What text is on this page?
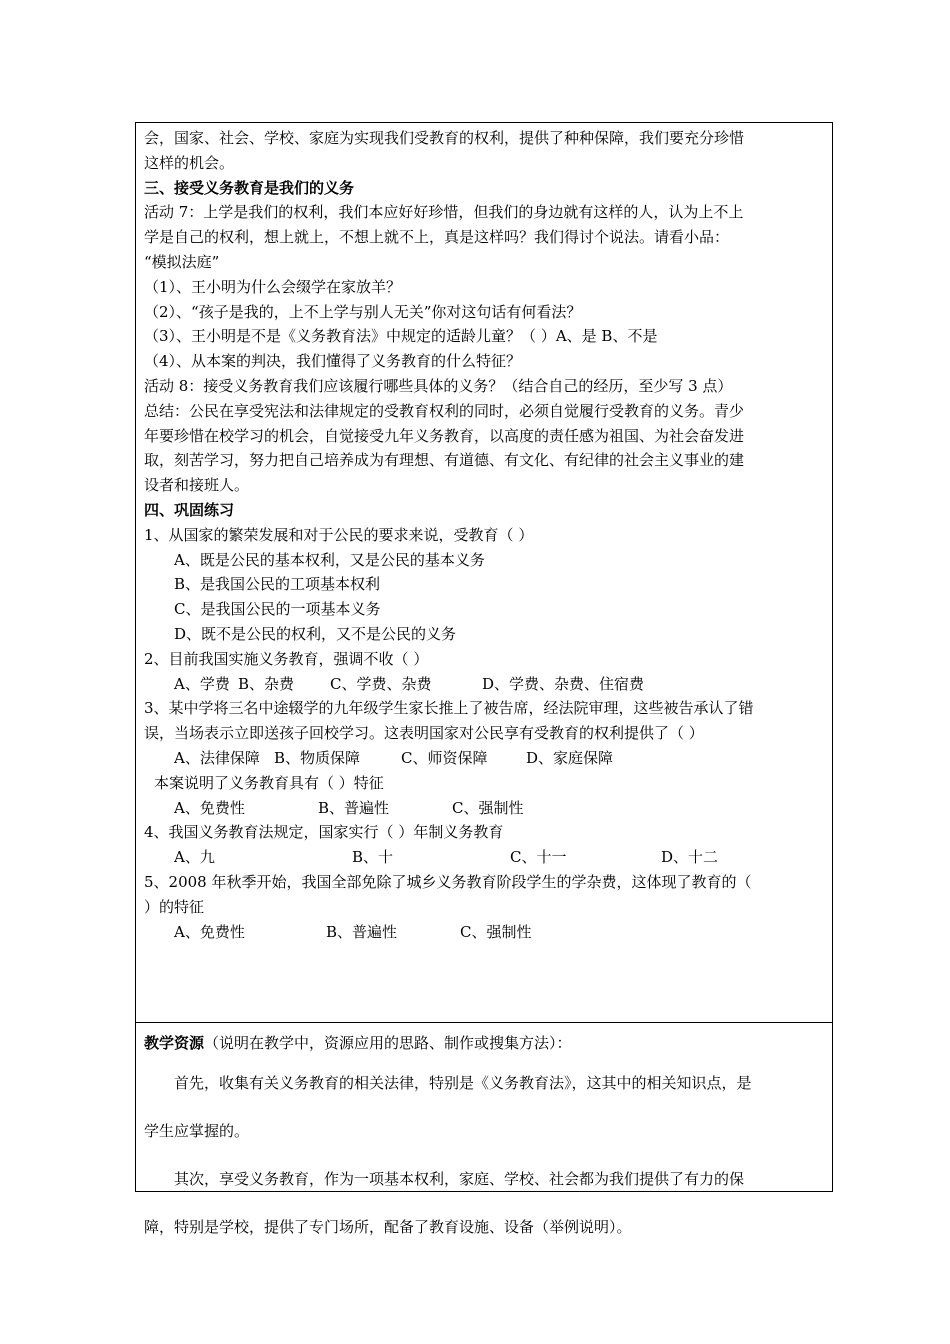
会，国家、社会、学校、家庭为实现我们受教育的权利，提供了种种保障，我们要充分珍惜
这样的机会。
三、接受义务教育是我们的义务
活动 7：上学是我们的权利，我们本应好好珍惜，但我们的身边就有这样的人，认为上不上
学是自己的权利，想上就上，不想上就不上，真是这样吗？我们得讨个说法。请看小品：
“模拟法庭”
（1）、王小明为什么会缀学在家放羊？
（2）、“孩子是我的，上不上学与别人无关”你对这句话有何看法？
（3）、王小明是不是《义务教育法》中规定的适龄儿童？（ ）A、是 B、不是
（4）、从本案的判决，我们懂得了义务教育的什么特征？
活动 8：接受义务教育我们应该履行哪些具体的义务？（结合自己的经历，至少写 3 点）
总结：公民在享受宪法和法律规定的受教育权利的同时，必须自觉履行受教育的义务。青少
年要珍惜在校学习的机会，自觉接受九年义务教育，以高度的责任感为祖国、为社会奋发进
取，刻苦学习，努力把自己培养成为有理想、有道德、有文化、有纪律的社会主义事业的建
设者和接班人。
四、巩固练习
1、从国家的繁荣发展和对于公民的要求来说，受教育（ ）
A、既是公民的基本权利，又是公民的基本义务
B、是我国公民的工项基本权利
C、是我国公民的一项基本义务
D、既不是公民的权利，又不是公民的义务
2、目前我国实施义务教育，强调不收（ ）
A、学费 B、杂费 C、学费、杂费	D、学费、杂费、住宿费
3、某中学将三名中途辍学的九年级学生家长推上了被告席，经法院审理，这些被告承认了错
误，当场表示立即送孩子回校学习。这表明国家对公民享有受教育的权利提供了（ ）
A、法律保障 B、物质保障	C、师资保障	D、家庭保障
本案说明了义务教育具有（ ）特征
A、免费性	B、普遍性	C、强制性
4、我国义务教育法规定，国家实行（ ）年制义务教育
A、九	B、十	C、十一	D、十二
5、2008 年秋季开始，我国全部免除了城乡义务教育阶段学生的学杂费，这体现了教育的（
）的特征
A、免费性	B、普遍性	C、强制性
教学资源（说明在教学中，资源应用的思路、制作或搜集方法）：
首先，收集有关义务教育的相关法律，特别是《义务教育法》，这其中的相关知识点，是
学生应掌握的。
其次，享受义务教育，作为一项基本权利，家庭、学校、社会都为我们提供了有力的保
障，特别是学校，提供了专门场所，配备了教育设施、设备（举例说明）。
